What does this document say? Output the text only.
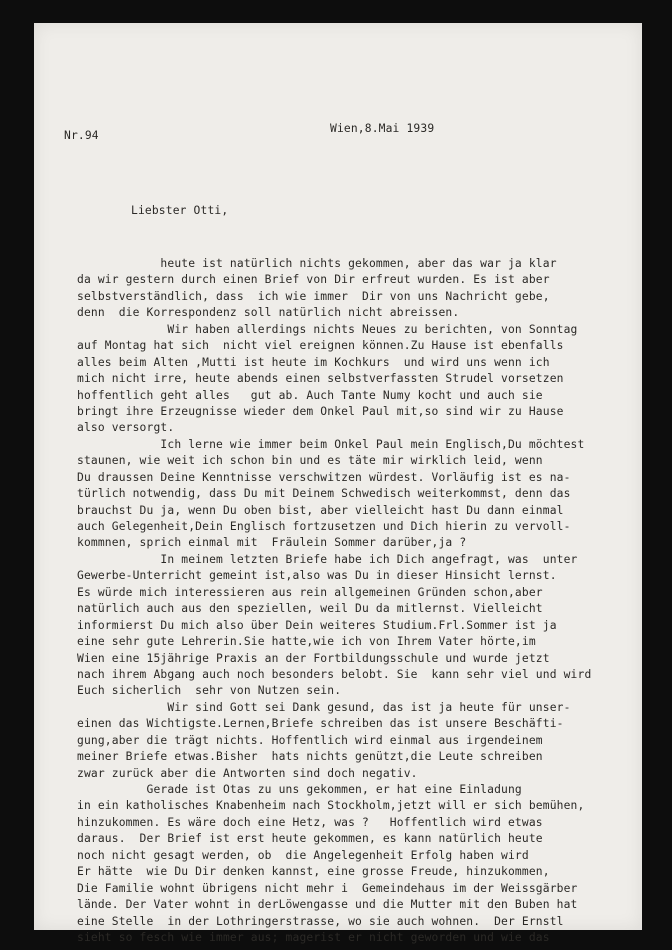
Nr.94

Wien,8.Mai 1939

Liebster Otti,

heute ist natürlich nichts gekommen, aber das war ja klar
da wir gestern durch einen Brief von Dir erfreut wurden. Es ist aber
selbstverständlich, dass  ich wie immer  Dir von uns Nachricht gebe,
denn  die Korrespondenz soll natürlich nicht abreissen.
Wir haben allerdings nichts Neues zu berichten, von Sonntag
auf Montag hat sich  nicht viel ereignen können.Zu Hause ist ebenfalls
alles beim Alten ,Mutti ist heute im Kochkurs  und wird uns wenn ich
mich nicht irre, heute abends einen selbstverfassten Strudel vorsetzen
hoffentlich geht alles   gut ab. Auch Tante Numy kocht und auch sie
bringt ihre Erzeugnisse wieder dem Onkel Paul mit,so sind wir zu Hause
also versorgt.
Ich lerne wie immer beim Onkel Paul mein Englisch,Du möchtest
staunen, wie weit ich schon bin und es täte mir wirklich leid, wenn
Du draussen Deine Kenntnisse verschwitzen würdest. Vorläufig ist es na-
türlich notwendig, dass Du mit Deinem Schwedisch weiterkommst, denn das
brauchst Du ja, wenn Du oben bist, aber vielleicht hast Du dann einmal
auch Gelegenheit,Dein Englisch fortzusetzen und Dich hierin zu vervoll-
kommnen, sprich einmal mit  Fräulein Sommer darüber,ja ?
In meinem letzten Briefe habe ich Dich angefragt, was  unter
Gewerbe-Unterricht gemeint ist,also was Du in dieser Hinsicht lernst.
Es würde mich interessieren aus rein allgemeinen Gründen schon,aber
natürlich auch aus den speziellen, weil Du da mitlernst. Vielleicht
informierst Du mich also über Dein weiteres Studium.Frl.Sommer ist ja
eine sehr gute Lehrerin.Sie hatte,wie ich von Ihrem Vater hörte,im
Wien eine 15jährige Praxis an der Fortbildungsschule und wurde jetzt
nach ihrem Abgang auch noch besonders belobt. Sie  kann sehr viel und wird
Euch sicherlich  sehr von Nutzen sein.
Wir sind Gott sei Dank gesund, das ist ja heute für unser-
einen das Wichtigste.Lernen,Briefe schreiben das ist unsere Beschäfti-
gung,aber die trägt nichts. Hoffentlich wird einmal aus irgendeinem
meiner Briefe etwas.Bisher  hats nichts genützt,die Leute schreiben
zwar zurück aber die Antworten sind doch negativ.
Gerade ist Otas zu uns gekommen, er hat eine Einladung
in ein katholisches Knabenheim nach Stockholm,jetzt will er sich bemühen,
hinzukommen. Es wäre doch eine Hetz, was ?   Hoffentlich wird etwas
daraus.  Der Brief ist erst heute gekommen, es kann natürlich heute
noch nicht gesagt werden, ob  die Angelegenheit Erfolg haben wird
Er hätte  wie Du Dir denken kannst, eine grosse Freude, hinzukommen,
Die Familie wohnt übrigens nicht mehr i  Gemeindehaus im der Weissgärber
lände. Der Vater wohnt in derLöwengasse und die Mutter mit den Buben hat
eine Stelle  in der Lothringerstrasse, wo sie auch wohnen.  Der Ernstl
sieht so fesch wie immer aus; magerist er nicht geworden und wie das
